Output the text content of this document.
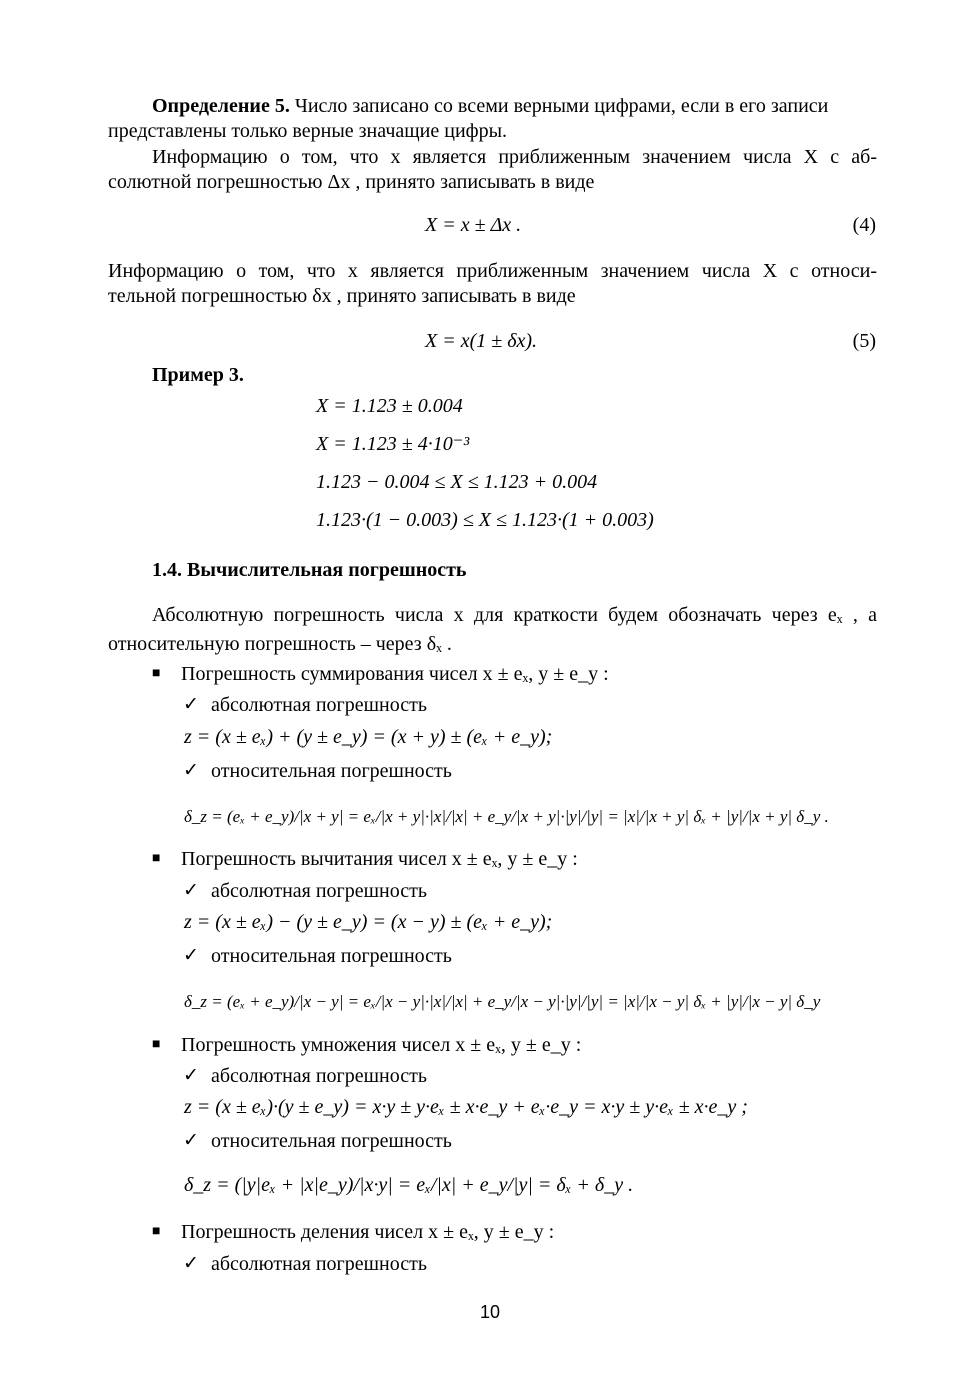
Определение 5. Число записано со всеми верными цифрами, если в его записи
представлены только верные значащие цифры.
Информацию о том, что x является приближенным значением числа X с аб-
солютной погрешностью Δx , принято записывать в виде
X = x ± Δx .	(4)
Информацию о том, что x является приближенным значением числа X с относи-
тельной погрешностью δx , принято записывать в виде
X = x(1 ± δx).	(5)
Пример 3.
X = 1.123 ± 0.004
X = 1.123 ± 4·10⁻³
1.123 − 0.004 ≤ X ≤ 1.123 + 0.004
1.123·(1 − 0.003) ≤ X ≤ 1.123·(1 + 0.003)
1.4. Вычислительная погрешность
Абсолютную погрешность числа x для краткости будем обозначать через eₓ , а
относительную погрешность – через δₓ .
■ Погрешность суммирования чисел x ± eₓ, y ± e_y :
✓ абсолютная погрешность
z = (x ± eₓ) + (y ± e_y) = (x + y) ± (eₓ + e_y);
✓ относительная погрешность
δ_z = (eₓ + e_y)/|x + y| = eₓ/|x + y|·|x|/|x| + e_y/|x + y|·|y|/|y| = |x|/|x + y| δₓ + |y|/|x + y| δ_y .
■ Погрешность вычитания чисел x ± eₓ, y ± e_y :
✓ абсолютная погрешность
z = (x ± eₓ) − (y ± e_y) = (x − y) ± (eₓ + e_y);
✓ относительная погрешность
δ_z = (eₓ + e_y)/|x − y| = eₓ/|x − y|·|x|/|x| + e_y/|x − y|·|y|/|y| = |x|/|x − y| δₓ + |y|/|x − y| δ_y
■ Погрешность умножения чисел x ± eₓ, y ± e_y :
✓ абсолютная погрешность
z = (x ± eₓ)·(y ± e_y) = x·y ± y·eₓ ± x·e_y + eₓ·e_y = x·y ± y·eₓ ± x·e_y ;
✓ относительная погрешность
δ_z = (|y|eₓ + |x|e_y)/|x·y| = eₓ/|x| + e_y/|y| = δₓ + δ_y .
■ Погрешность деления чисел x ± eₓ, y ± e_y :
✓ абсолютная погрешность
10
